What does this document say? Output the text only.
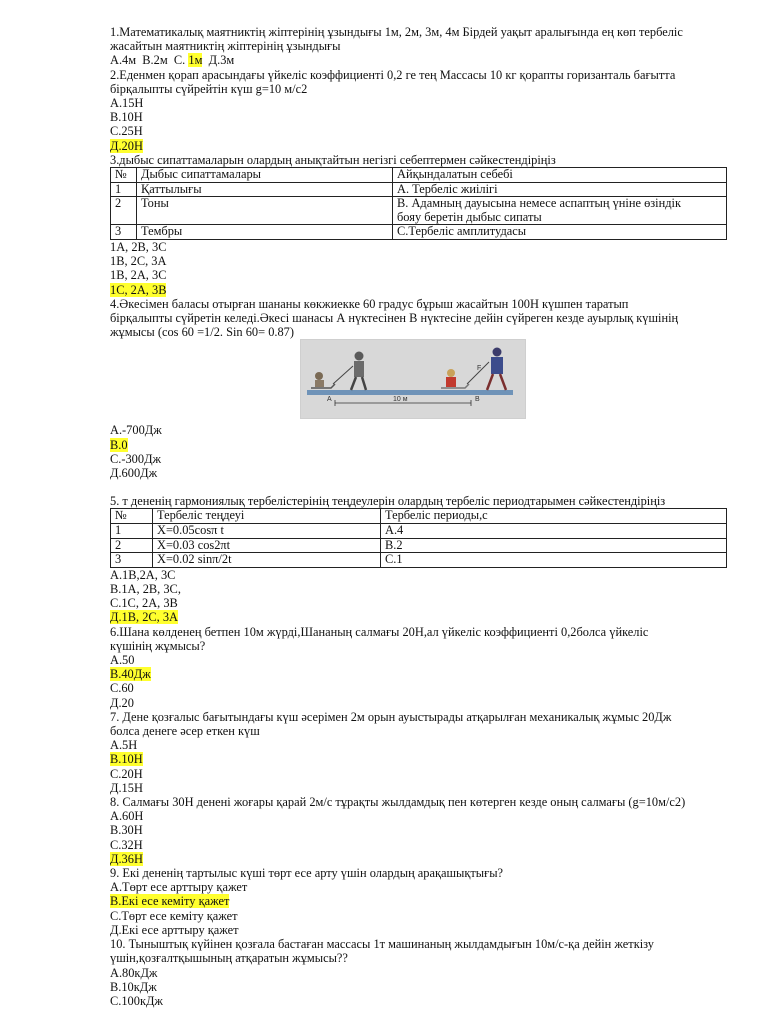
1.Математикалық маятниктің жіптерінің ұзындығы 1м, 2м, 3м, 4м Бірдей уақыт аралығында ең көп тербеліс
жасайтын маятниктің жіптерінің ұзындығы
А.4м В.2м С. 1м Д.3м
2.Еденмен қорап арасындағы үйкеліс коэффициенті 0,2 ге тең Массасы 10 кг қорапты горизанталь бағытта
бірқалыпты сүйрейтін күш g=10 м/с2
А.15Н
В.10Н
С.25Н
Д.20Н
3.дыбыс сипаттамаларын олардың анықтайтын негізгі себептермен сәйкестендіріңіз
№	Дыбыс сипаттамалары	Айқындалатын себебі
1	Қаттылығы	А. Тербеліс жиілігі
2	Тоны	В. Адамның дауысына немесе аспаптың үніне өзіндік
бояу беретін дыбыс сипаты

3	Тембры	С.Тербеліс амплитудасы
1А, 2В, 3С
1В, 2С, 3А
1В, 2А, 3С
1С, 2А, 3В
4.Әкесімен баласы отырған шананы көкжиекке 60 градус бұрыш жасайтын 100Н күшпен таратып
бірқалыпты сүйретін келеді.Әкесі шанасы А нүктесінен В нүктесіне дейін сүйреген кезде ауырлық күшінің
жұмысы (cos 60 =1/2. Sin 60= 0.87)
F
A	10 м	B
А.-700Дж
В.0
С.-300Дж
Д.600Дж
5. т дененің гармониялық тербелістерінің теңдеулерін олардың тербеліс периодтарымен сәйкестендіріңіз
№	Тербеліс теңдеуі	Тербеліс периоды,с
1	X=0.05cosπ t	А.4
2	X=0.03 cos2πt	В.2
3	X=0.02 sinπ/2t	С.1
А.1В,2А, 3С
В.1А, 2В, 3С,
С.1С, 2А, 3В
Д.1В, 2С, 3А
6.Шана көлденең бетпен 10м жүрді,Шананың салмағы 20Н,ал үйкеліс коэффициенті 0,2болса үйкеліс
күшінің жұмысы?
А.50
В.40Дж
С.60
Д.20
7. Дене қозғалыс бағытындағы күш әсерімен 2м орын ауыстырады атқарылған механикалық жұмыс 20Дж
болса денеге әсер еткен күш
А.5Н
В.10Н
С.20Н
Д.15Н
8. Салмағы 30Н денені жоғары қарай 2м/с тұрақты жылдамдық пен көтерген кезде оның салмағы (g=10м/с2)
А.60Н
В.30Н
С.32Н
Д.36Н
9. Екі дененің тартылыс күші төрт есе арту үшін олардың арақашықтығы?
А.Төрт есе арттыру қажет
В.Екі есе кеміту қажет
С.Төрт есе кеміту қажет
Д.Екі есе арттыру қажет
10. Тыныштық күйінен қозғала бастаған массасы 1т машинаның жылдамдығын 10м/с-қа дейін жеткізу
үшін,қозғалтқышының атқаратын жұмысы??
А.80кДж
В.10кДж
С.100кДж
